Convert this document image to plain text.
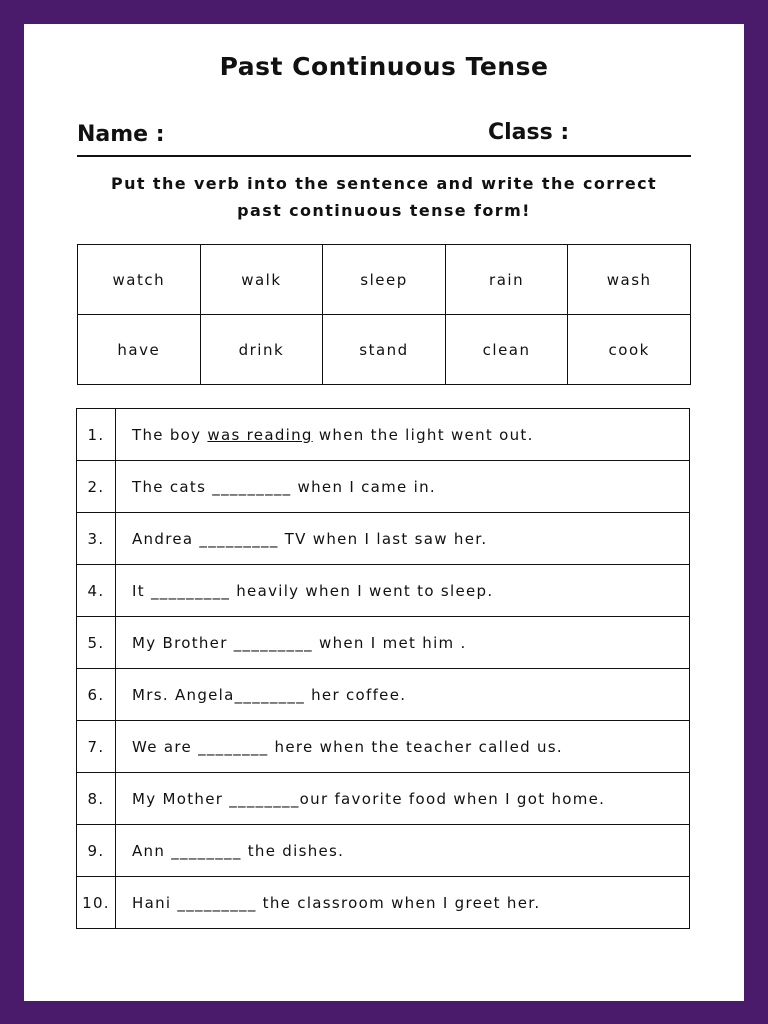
Past Continuous Tense
Name :	Class :
Put the verb into the sentence and write the correct
past continuous tense form!
watch	walk	sleep	rain	wash
have	drink	stand	clean	cook
1.	The boy was reading when the light went out.
2.	The cats _________ when I came in.
3.	Andrea _________ TV when I last saw her.
4.	It _________ heavily when I went to sleep.
5.	My Brother _________ when I met him .
6.	Mrs. Angela________ her coffee.
7.	We are ________ here when the teacher called us.
8.	My Mother ________our favorite food when I got home.
9.	Ann ________ the dishes.
10.	Hani _________ the classroom when I greet her.
